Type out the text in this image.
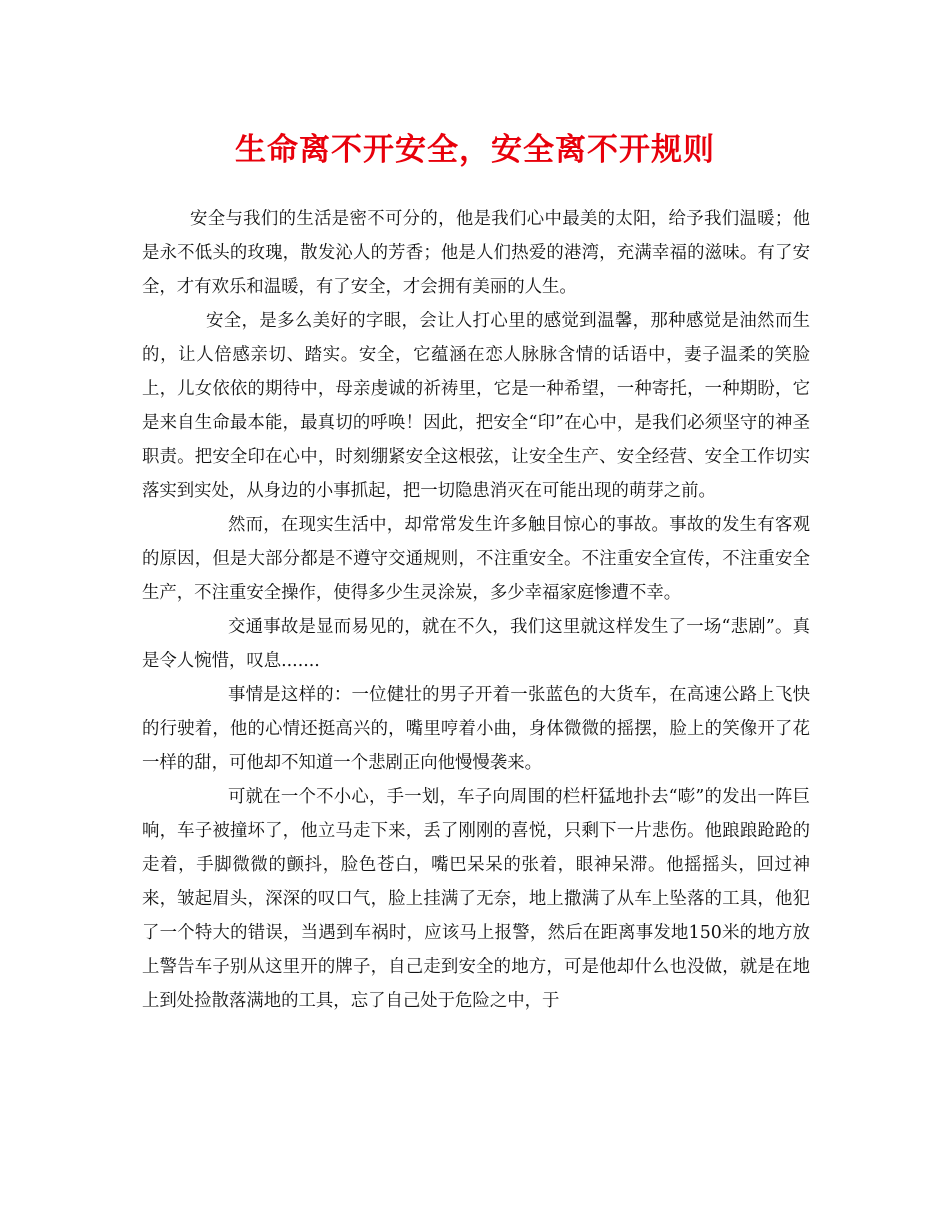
生命离不开安全，安全离不开规则

安全与我们的生活是密不可分的，他是我们心中最美的太阳，给予我们温暖；他是永不低头的玫瑰，散发沁人的芳香；他是人们热爱的港湾，充满幸福的滋味。有了安全，才有欢乐和温暖，有了安全，才会拥有美丽的人生。

安全，是多么美好的字眼，会让人打心里的感觉到温馨，那种感觉是油然而生的，让人倍感亲切、踏实。安全，它蕴涵在恋人脉脉含情的话语中，妻子温柔的笑脸上，儿女依依的期待中，母亲虔诚的祈祷里，它是一种希望，一种寄托，一种期盼，它是来自生命最本能，最真切的呼唤！因此，把安全“印”在心中，是我们必须坚守的神圣职责。把安全印在心中，时刻绷紧安全这根弦，让安全生产、安全经营、安全工作切实落实到实处，从身边的小事抓起，把一切隐患消灭在可能出现的萌芽之前。

然而，在现实生活中，却常常发生许多触目惊心的事故。事故的发生有客观的原因，但是大部分都是不遵守交通规则，不注重安全。不注重安全宣传，不注重安全生产，不注重安全操作，使得多少生灵涂炭，多少幸福家庭惨遭不幸。

交通事故是显而易见的，就在不久，我们这里就这样发生了一场“悲剧”。真是令人惋惜，叹息.......

事情是这样的：一位健壮的男子开着一张蓝色的大货车，在高速公路上飞快的行驶着，他的心情还挺高兴的，嘴里哼着小曲，身体微微的摇摆，脸上的笑像开了花一样的甜，可他却不知道一个悲剧正向他慢慢袭来。

可就在一个不小心，手一划，车子向周围的栏杆猛地扑去“嘭”的发出一阵巨响，车子被撞坏了，他立马走下来，丢了刚刚的喜悦，只剩下一片悲伤。他踉踉跄跄的走着，手脚微微的颤抖，脸色苍白，嘴巴呆呆的张着，眼神呆滞。他摇摇头，回过神来，皱起眉头，深深的叹口气，脸上挂满了无奈，地上撒满了从车上坠落的工具，他犯了一个特大的错误，当遇到车祸时，应该马上报警，然后在距离事发地150米的地方放上警告车子别从这里开的牌子，自己走到安全的地方，可是他却什么也没做，就是在地上到处捡散落满地的工具，忘了自己处于危险之中，于
